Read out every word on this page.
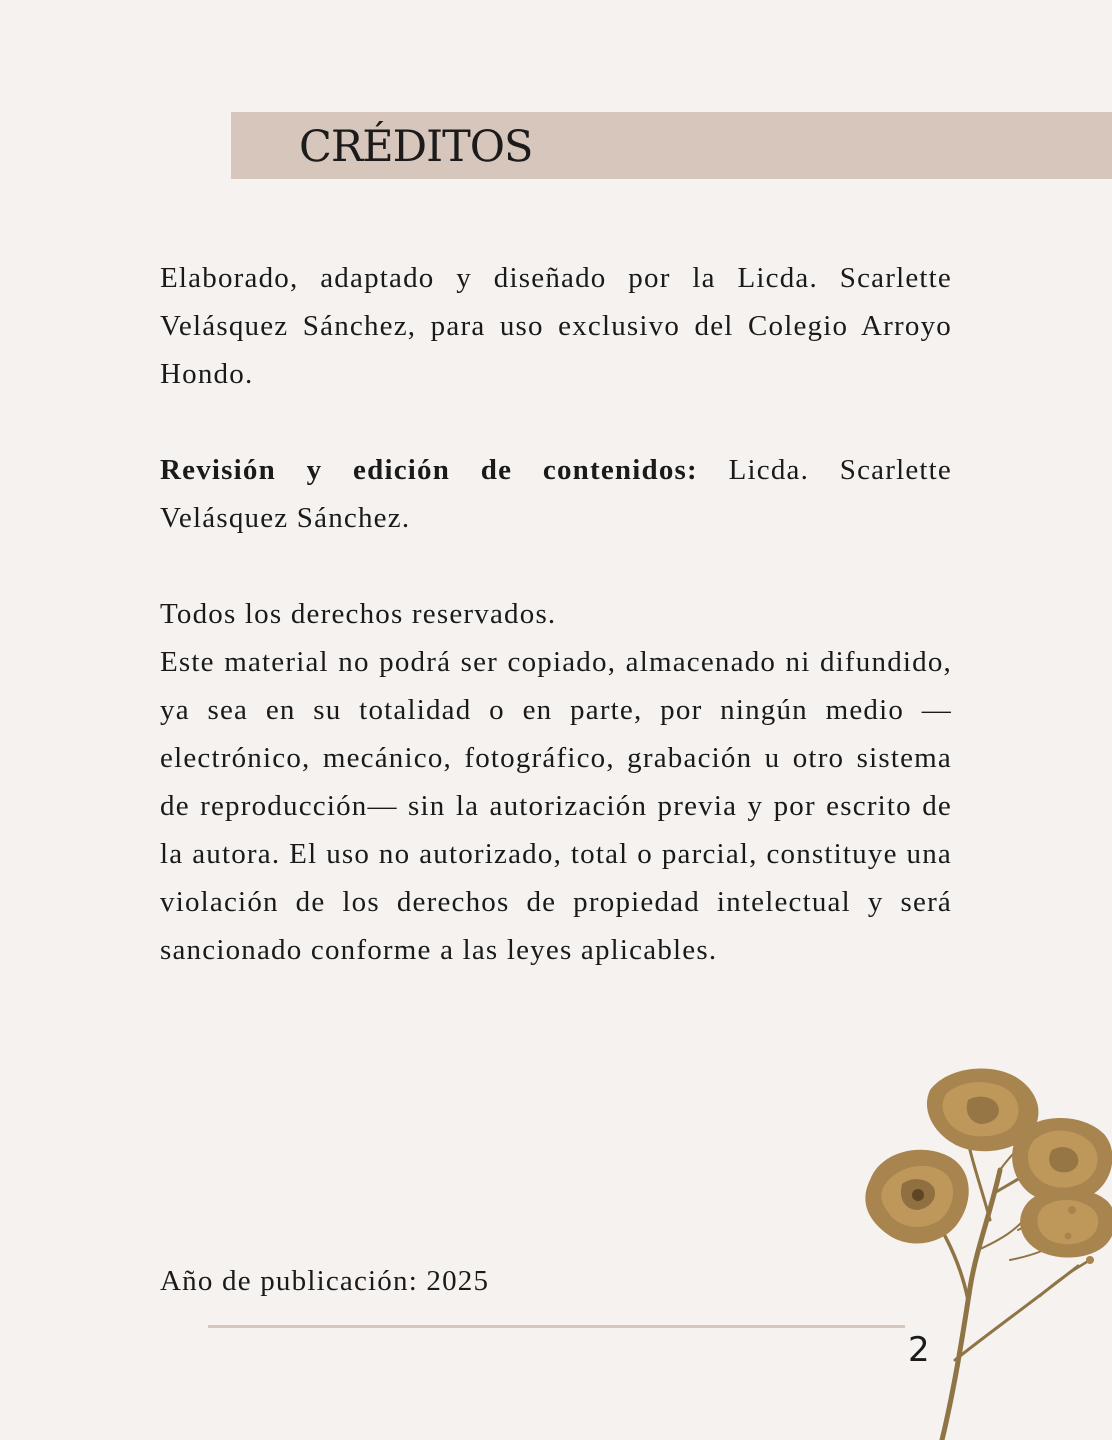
CRÉDITOS

Elaborado, adaptado y diseñado por la Licda. Scarlette Velásquez Sánchez, para uso exclusivo del Colegio Arroyo Hondo.

Revisión y edición de contenidos: Licda. Scarlette Velásquez Sánchez.

Todos los derechos reservados.

Este material no podrá ser copiado, almacenado ni difundido, ya sea en su totalidad o en parte, por ningún medio —electrónico, mecánico, fotográfico, grabación u otro sistema de reproducción— sin la autorización previa y por escrito de la autora. El uso no autorizado, total o parcial, constituye una violación de los derechos de propiedad intelectual y será sancionado conforme a las leyes aplicables.

Año de publicación: 2025

2
